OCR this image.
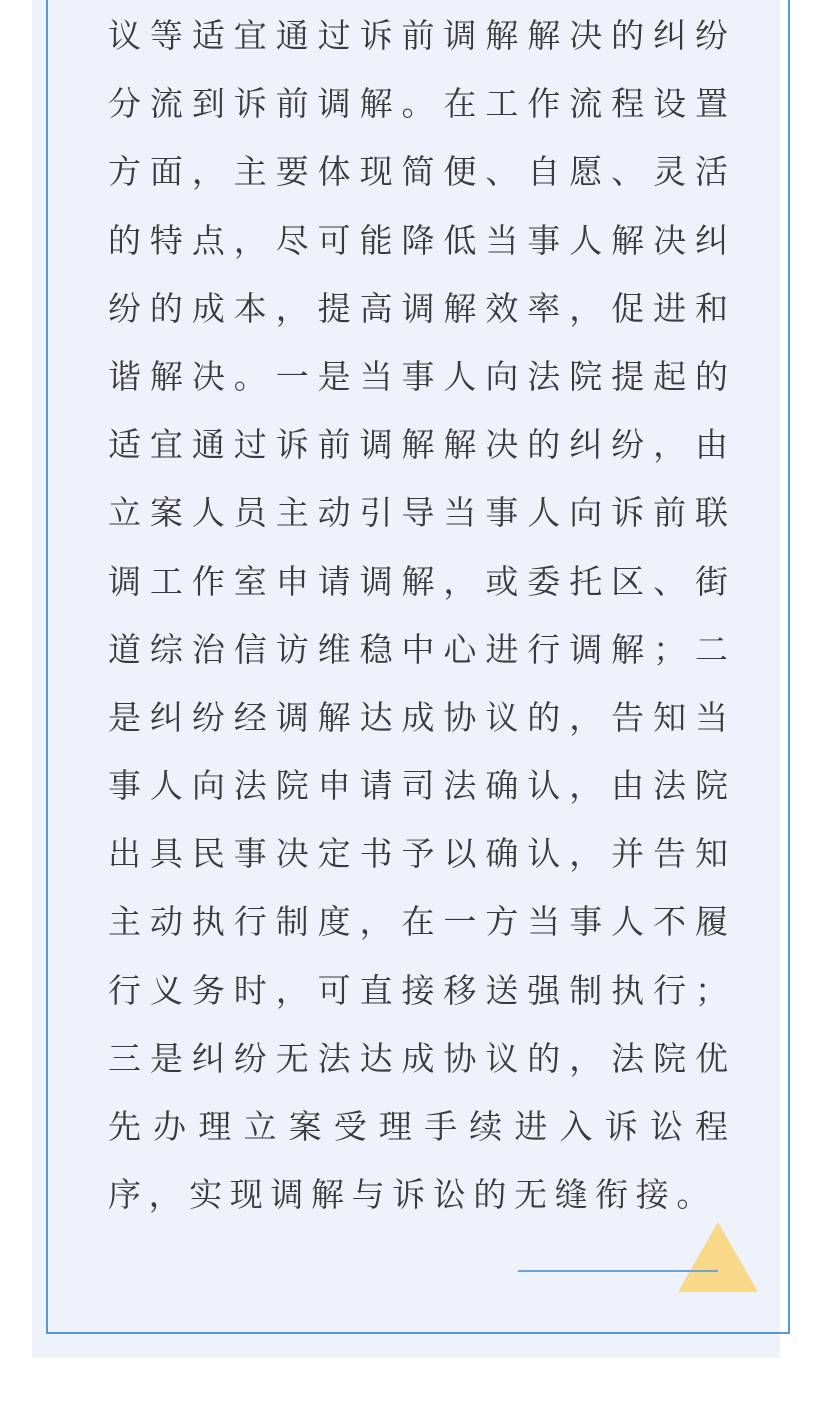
议等适宜通过诉前调解解决的纠纷
分流到诉前调解。在工作流程设置
方面，主要体现简便、自愿、灵活
的特点，尽可能降低当事人解决纠
纷的成本，提高调解效率，促进和
谐解决。一是当事人向法院提起的
适宜通过诉前调解解决的纠纷，由
立案人员主动引导当事人向诉前联
调工作室申请调解，或委托区、街
道综治信访维稳中心进行调解；二
是纠纷经调解达成协议的，告知当
事人向法院申请司法确认，由法院
出具民事决定书予以确认，并告知
主动执行制度，在一方当事人不履
行义务时，可直接移送强制执行；
三是纠纷无法达成协议的，法院优
先办理立案受理手续进入诉讼程
序，实现调解与诉讼的无缝衔接。
